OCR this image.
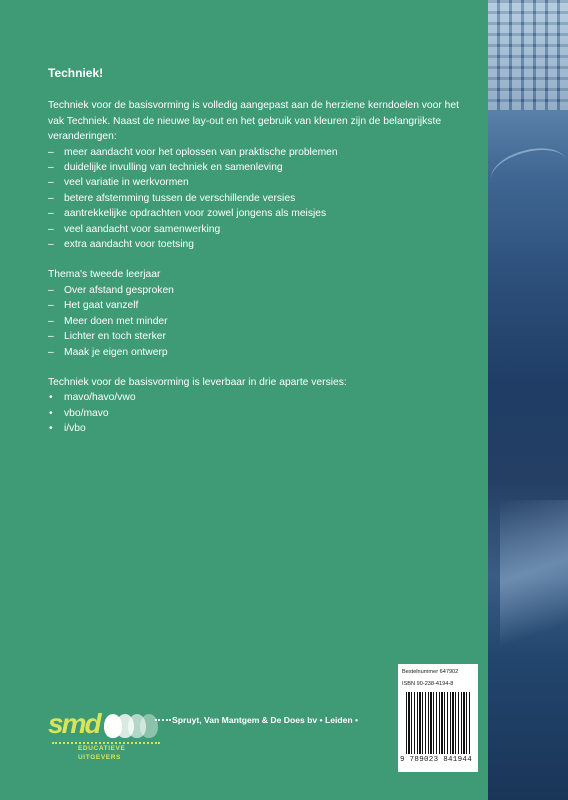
Techniek!

Techniek voor de basisvorming is volledig aangepast aan de herziene kerndoelen voor het vak Techniek. Naast de nieuwe lay-out en het gebruik van kleuren zijn de belangrijkste veranderingen:

– meer aandacht voor het oplossen van praktische problemen
– duidelijke invulling van techniek en samenleving
– veel variatie in werkvormen
– betere afstemming tussen de verschillende versies
– aantrekkelijke opdrachten voor zowel jongens als meisjes
– veel aandacht voor samenwerking
– extra aandacht voor toetsing

Thema's tweede leerjaar

– Over afstand gesproken
– Het gaat vanzelf
– Meer doen met minder
– Lichter en toch sterker
– Maak je eigen ontwerp

Techniek voor de basisvorming is leverbaar in drie aparte versies:

• mavo/havo/vwo
• vbo/mavo
• i/vbo
Bestelnummer 647902
ISBN 90-238-4194-8
9 789023 841944
smd
EDUCATIEVE
UITGEVERS
Spruyt, Van Mantgem & De Does bv • Leiden •
